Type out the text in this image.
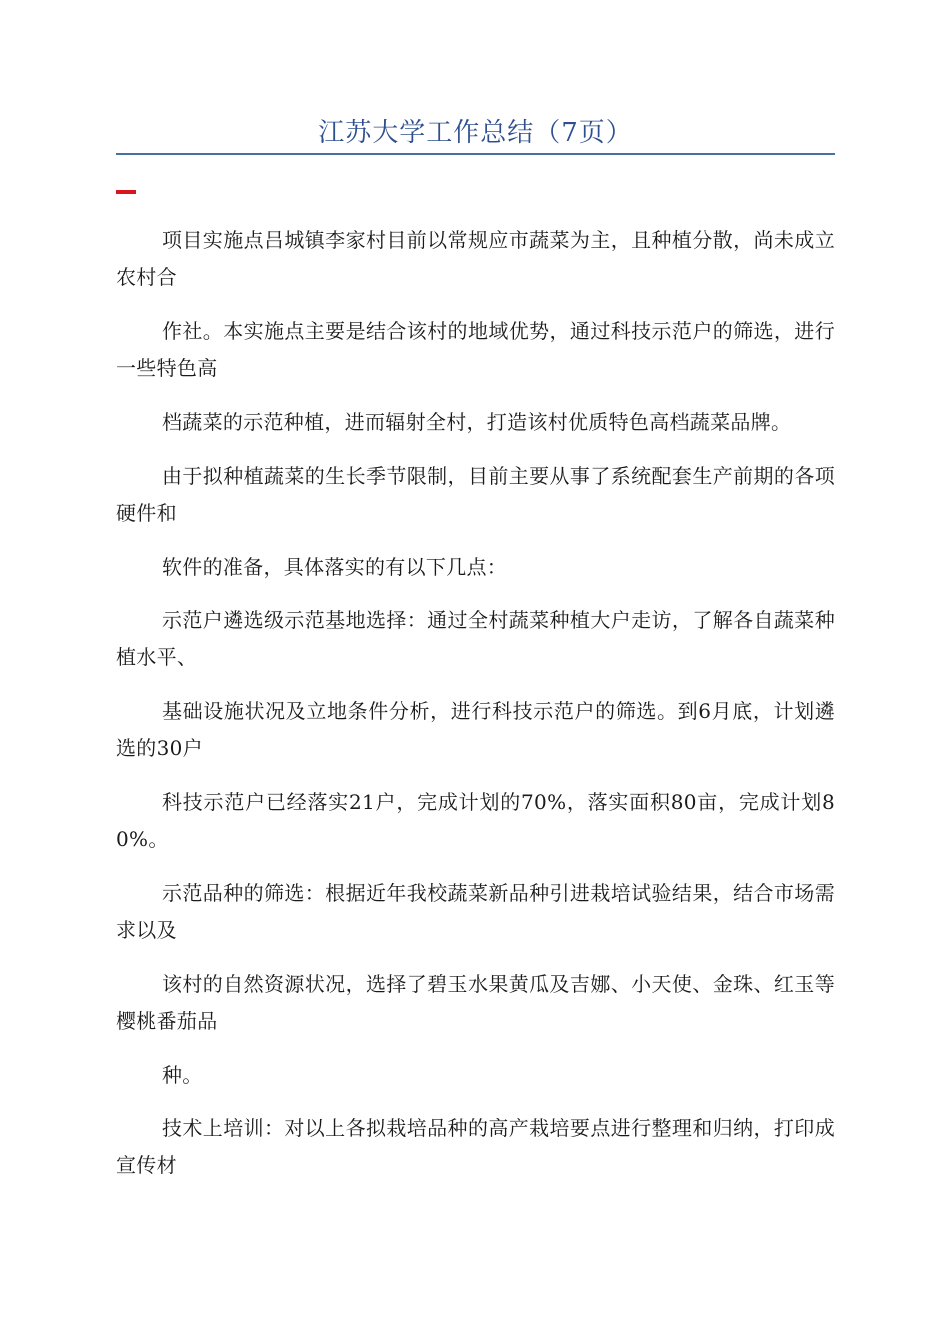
江苏大学工作总结（7页）

项目实施点吕城镇李家村目前以常规应市蔬菜为主，且种植分散，尚未成立农村合

作社。本实施点主要是结合该村的地域优势，通过科技示范户的筛选，进行一些特色高

档蔬菜的示范种植，进而辐射全村，打造该村优质特色高档蔬菜品牌。

由于拟种植蔬菜的生长季节限制，目前主要从事了系统配套生产前期的各项硬件和

软件的准备，具体落实的有以下几点：

示范户遴选级示范基地选择：通过全村蔬菜种植大户走访，了解各自蔬菜种植水平、

基础设施状况及立地条件分析，进行科技示范户的筛选。到6月底，计划遴选的30户

科技示范户已经落实21户，完成计划的70%，落实面积80亩，完成计划80%。

示范品种的筛选：根据近年我校蔬菜新品种引进栽培试验结果，结合市场需求以及

该村的自然资源状况，选择了碧玉水果黄瓜及吉娜、小天使、金珠、红玉等樱桃番茄品

种。

技术上培训：对以上各拟栽培品种的高产栽培要点进行整理和归纳，打印成宣传材
